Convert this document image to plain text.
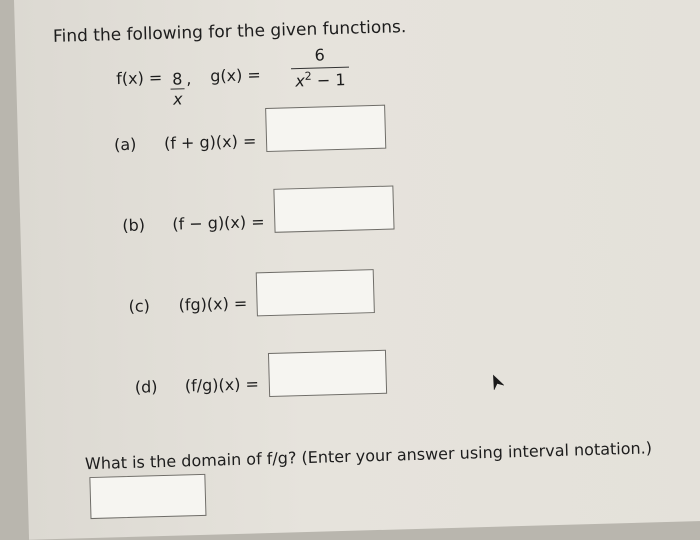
Find the following for the given functions.
$f(x) = \frac{8}{x}$
, $g(x) = \frac{6}{x^2 - 1}$
(a) (f + g)(x) =
(b) (f − g)(x) =
(c) (fg)(x) =
(d) (f/g)(x) =
What is the domain of f/g? (Enter your answer using interval notation.)
